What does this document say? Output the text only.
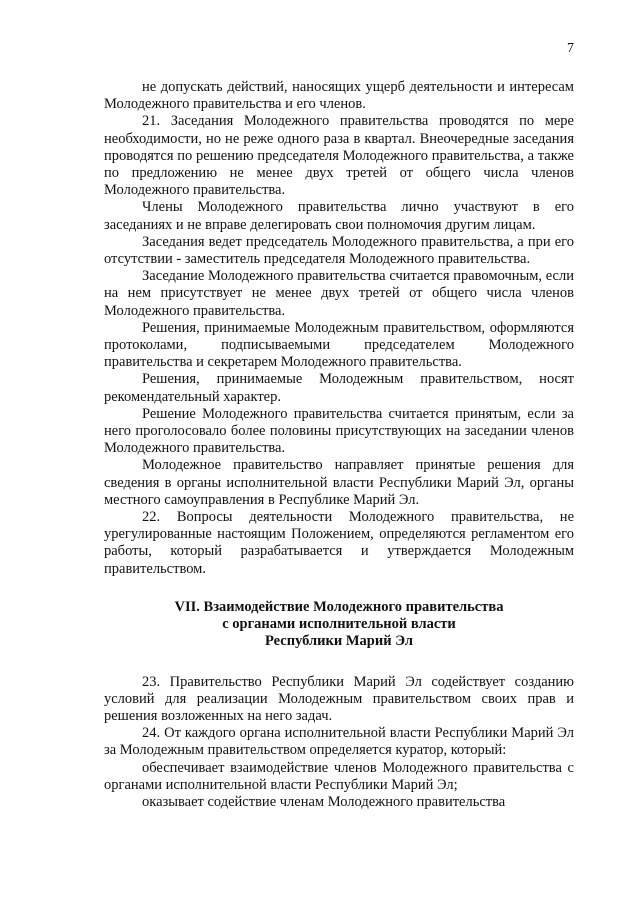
7

не допускать действий, наносящих ущерб деятельности и интересам Молодежного правительства и его членов.

21. Заседания Молодежного правительства проводятся по мере необходимости, но не реже одного раза в квартал. Внеочередные заседания проводятся по решению председателя Молодежного правительства, а также по предложению не менее двух третей от общего числа членов Молодежного правительства.

Члены Молодежного правительства лично участвуют в его заседаниях и не вправе делегировать свои полномочия другим лицам.

Заседания ведет председатель Молодежного правительства, а при его отсутствии - заместитель председателя Молодежного правительства.

Заседание Молодежного правительства считается правомочным, если на нем присутствует не менее двух третей от общего числа членов Молодежного правительства.

Решения, принимаемые Молодежным правительством, оформляются протоколами, подписываемыми председателем Молодежного правительства и секретарем Молодежного правительства.

Решения, принимаемые Молодежным правительством, носят рекомендательный характер.

Решение Молодежного правительства считается принятым, если за него проголосовало более половины присутствующих на заседании членов Молодежного правительства.

Молодежное правительство направляет принятые решения для сведения в органы исполнительной власти Республики Марий Эл, органы местного самоуправления в Республике Марий Эл.

22. Вопросы деятельности Молодежного правительства, не урегулированные настоящим Положением, определяются регламентом его работы, который разрабатывается и утверждается Молодежным правительством.

VII. Взаимодействие Молодежного правительства
с органами исполнительной власти
Республики Марий Эл

23. Правительство Республики Марий Эл содействует созданию условий для реализации Молодежным правительством своих прав и решения возложенных на него задач.

24. От каждого органа исполнительной власти Республики Марий Эл за Молодежным правительством определяется куратор, который:

обеспечивает взаимодействие членов Молодежного правительства с органами исполнительной власти Республики Марий Эл;

оказывает содействие членам Молодежного правительства
